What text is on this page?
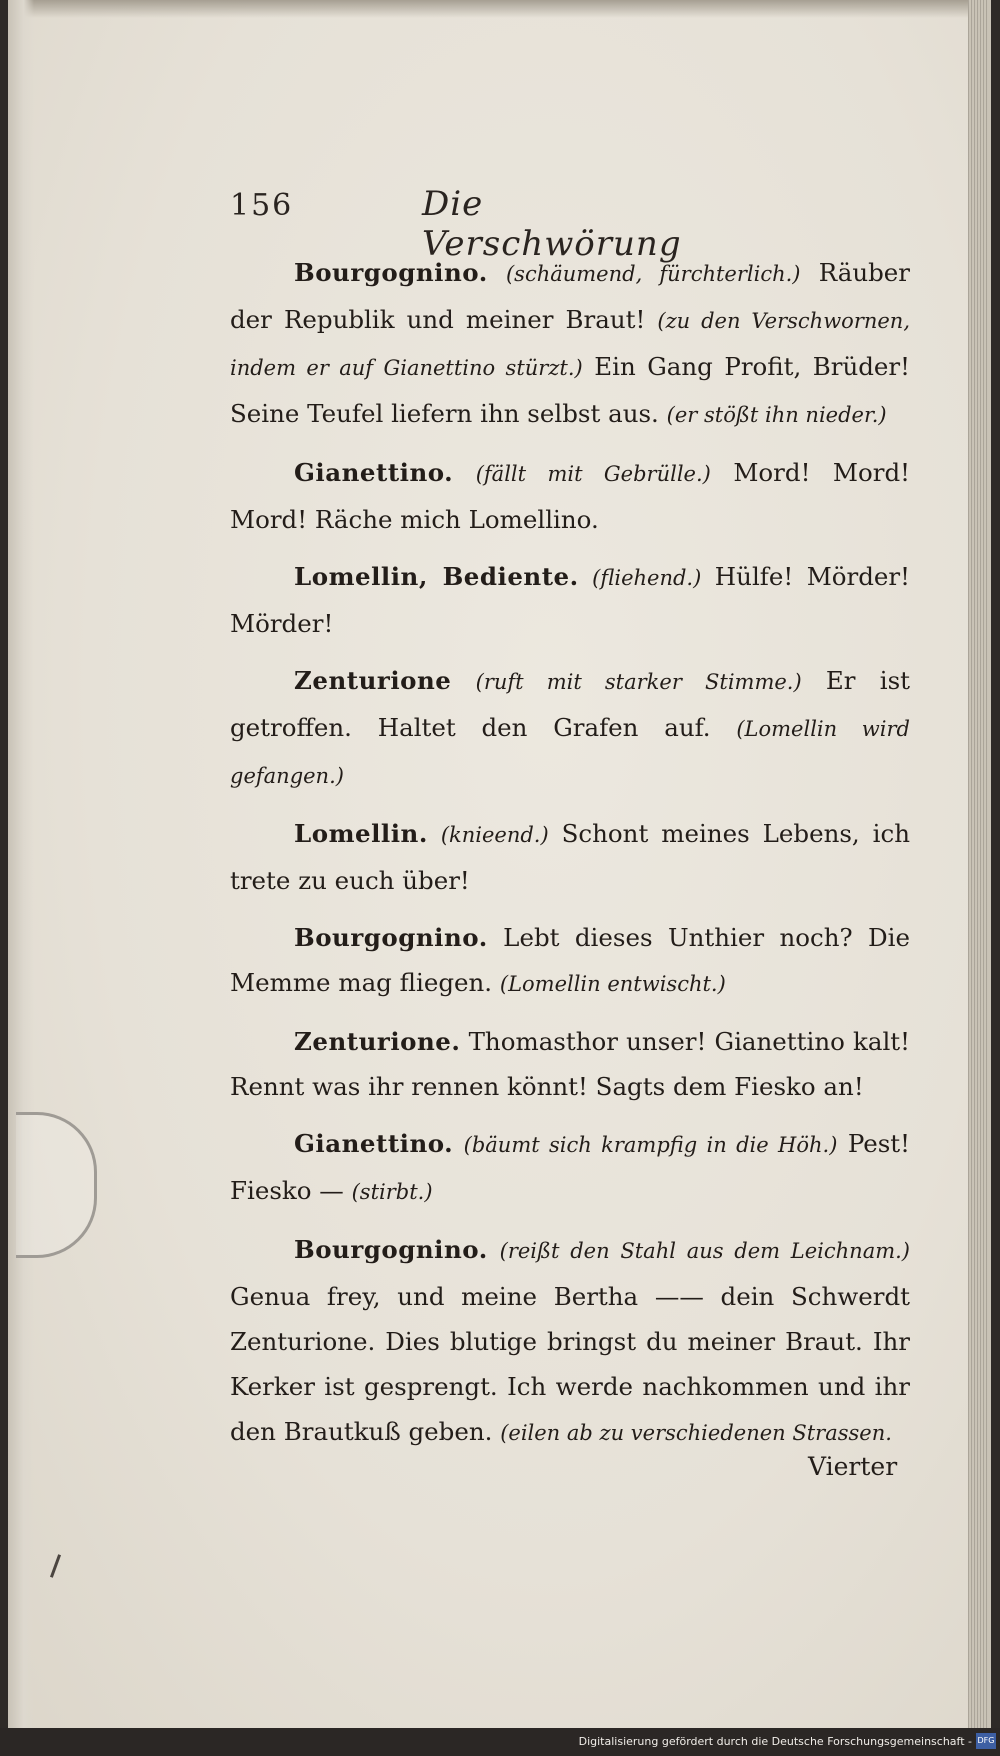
156	Die Verschwörung

Bourgognino. (schäumend, fürchterlich.) Räuber der Republik und meiner Braut! (zu den Verschwornen, indem er auf Gianettino stürzt.) Ein Gang Profit, Brüder! Seine Teufel liefern ihn selbst aus. (er stößt ihn nieder.)

Gianettino. (fällt mit Gebrülle.) Mord! Mord! Mord! Räche mich Lomellino.

Lomellin, Bediente. (fliehend.) Hülfe! Mörder! Mörder!

Zenturione (ruft mit starker Stimme.) Er ist getroffen. Haltet den Grafen auf. (Lomellin wird gefangen.)

Lomellin. (knieend.) Schont meines Lebens, ich trete zu euch über!

Bourgognino. Lebt dieses Unthier noch? Die Memme mag fliegen. (Lomellin entwischt.)

Zenturione. Thomasthor unser! Gianettino kalt! Rennt was ihr rennen könnt! Sagts dem Fiesko an!

Gianettino. (bäumt sich krampfig in die Höh.) Pest! Fiesko — (stirbt.)

Bourgognino. (reißt den Stahl aus dem Leichnam.) Genua frey, und meine Bertha —— dein Schwerdt Zenturione. Dies blutige bringst du meiner Braut. Ihr Kerker ist gesprengt. Ich werde nachkommen und ihr den Brautkuß geben. (eilen ab zu verschiedenen Strassen.

Vierter
Digitalisierung gefördert durch die Deutsche Forschungsgemeinschaft - DFG
